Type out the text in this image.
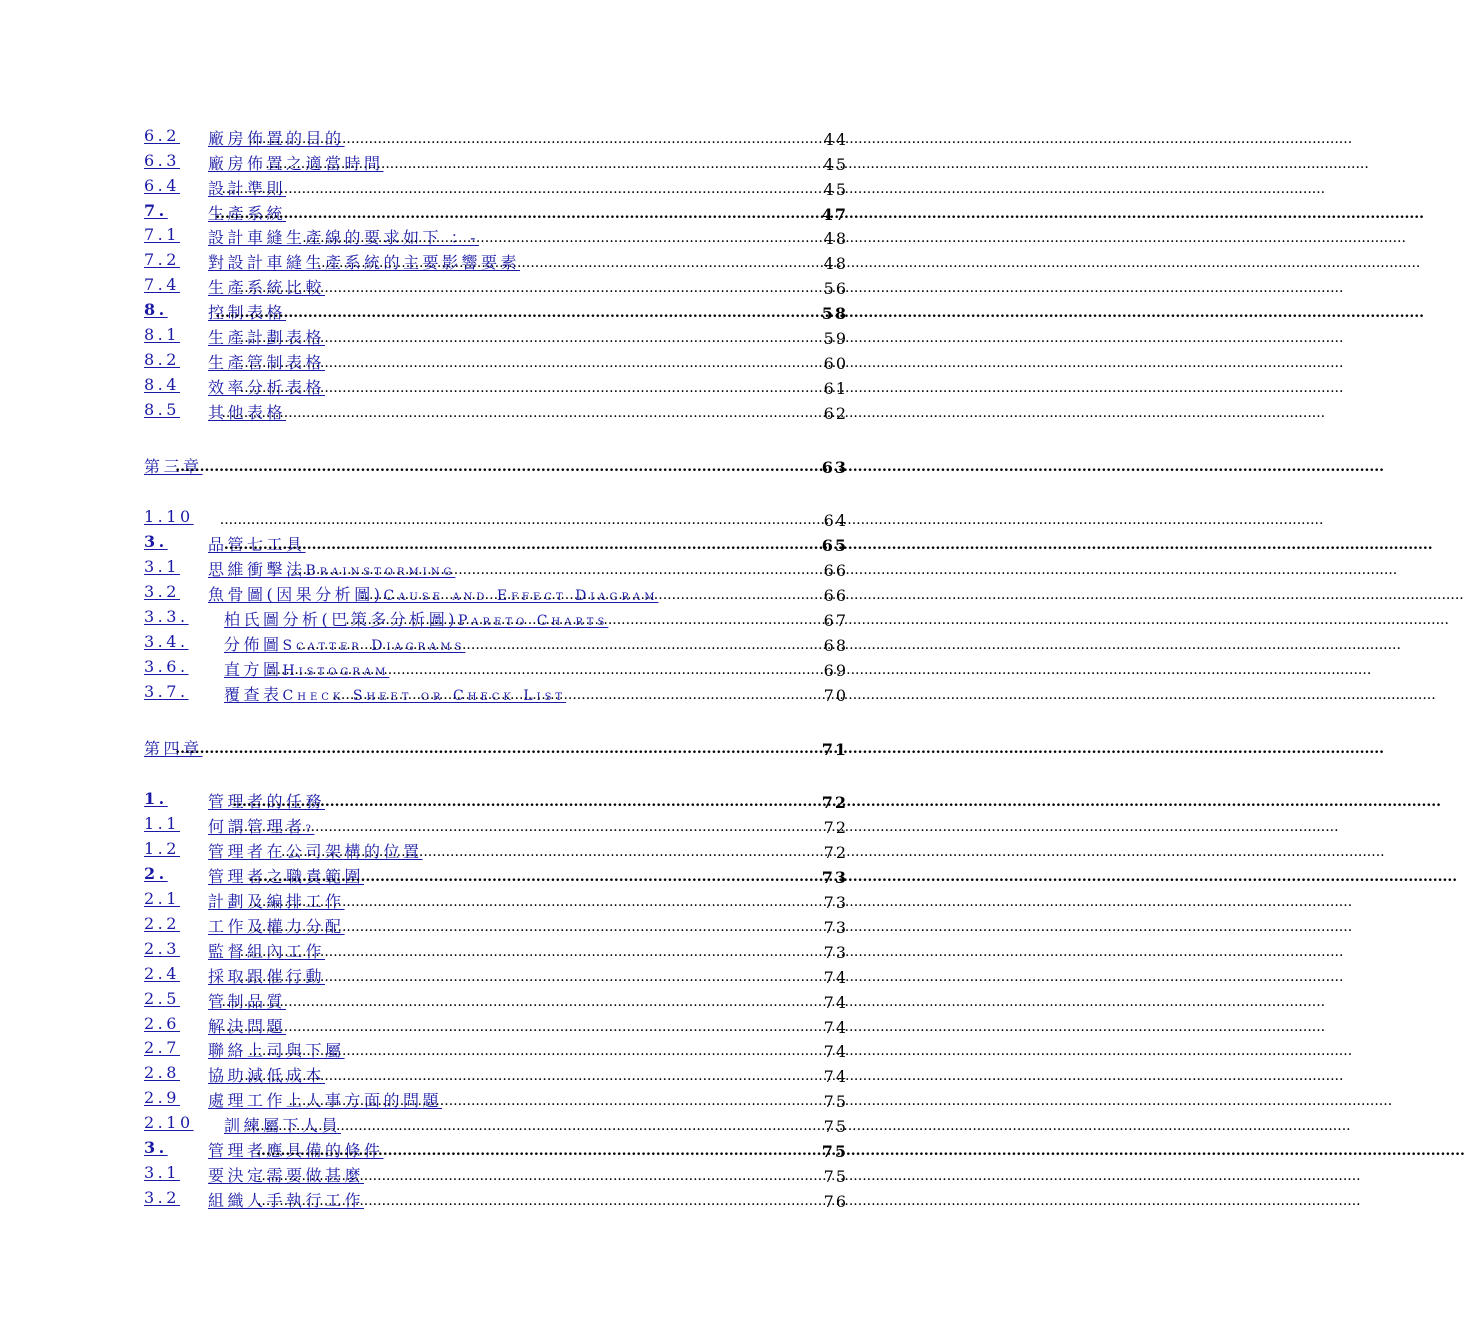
6.2	廠房佈置的目的 .....	44
6.3	廠房佈置之適當時間 .....	45
6.4	設計準則 .....	45
7.	生產系統 .....	47
7.1	設計車縫生產線的要求如下 ：- .....	48
7.2	對設計車縫生產系統的主要影響要素 .....	48
7.4	生產系統比較 .....	56
8.	控制表格 .....	58
8.1	生產計劃表格 .....	59
8.2	生產管制表格 .....	60
8.4	效率分析表格 .....	61
8.5	其他表格 .....	62
第三章 .....	63
1.10 .....	64
3.	品管七工具 .....	65
3.1	思維衝擊法Brainstorming .....	66
3.2	魚骨圖(因果分析圖)Cause and Effect Diagram .....	66
3.3.	柏氏圖分析(巴策多分析圖)Pareto Charts .....	67
3.4.	分佈圖Scatter Diagrams .....	68
3.6.	直方圖Histogram .....	69
3.7.	覆查表Check Sheet or Check List .....	70
第四章 .....	71
1.	管理者的任務 .....	72
1.1	何謂管理者? .....	72
1.2	管理者在公司架構的位置 .....	72
2.	管理者之職責範圍 .....	73
2.1	計劃及編排工作 .....	73
2.2	工作及權力分配 .....	73
2.3	監督組內工作 .....	73
2.4	採取跟催行動 .....	74
2.5	管制品質 .....	74
2.6	解決問題 .....	74
2.7	聯絡上司與下屬 .....	74
2.8	協助減低成本 .....	74
2.9	處理工作上人事方面的問題 .....	75
2.10	訓練屬下人員 .....	75
3.	管理者應具備的條件 .....	75
3.1	要決定需要做甚麼 .....	75
3.2	組織人手執行工作 .....	76
